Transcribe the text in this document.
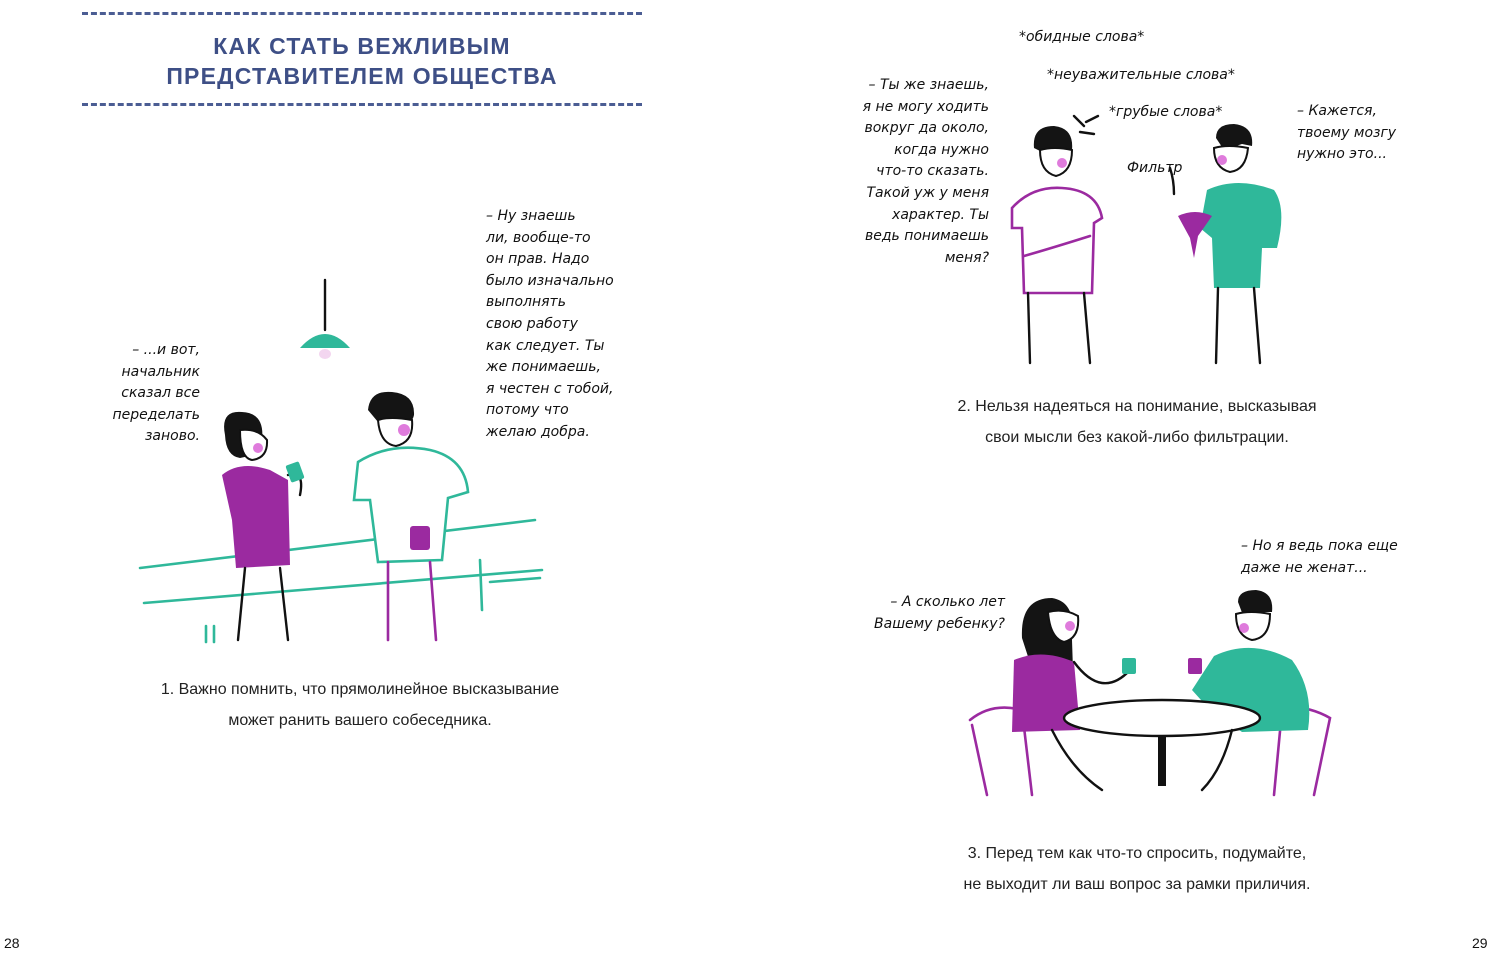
КАК СТАТЬ ВЕЖЛИВЫМ
ПРЕДСТАВИТЕЛЕМ ОБЩЕСТВА
– ...и вот,
начальник
сказал все
переделать
заново.
– Ну знаешь
ли, вообще-то
он прав. Надо
было изначально
выполнять
свою работу
как следует. Ты
же понимаешь,
я честен с тобой,
потому что
желаю добра.

1. Важно помнить, что прямолинейное высказывание
может ранить вашего собеседника.

28
*обидные слова*
*неуважительные слова*
*грубые слова*
– Ты же знаешь,
я не могу ходить
вокруг да около,
когда нужно
что-то сказать.
Такой уж у меня
характер. Ты
ведь понимаешь
меня?
– Кажется,
твоему мозгу
нужно это...
Фильтр

2. Нельзя надеяться на понимание, высказывая
свои мысли без какой-либо фильтрации.

– А сколько лет
Вашему ребенку?
– Но я ведь пока еще
даже не женат...

3. Перед тем как что-то спросить, подумайте,
не выходит ли ваш вопрос за рамки приличия.

29
